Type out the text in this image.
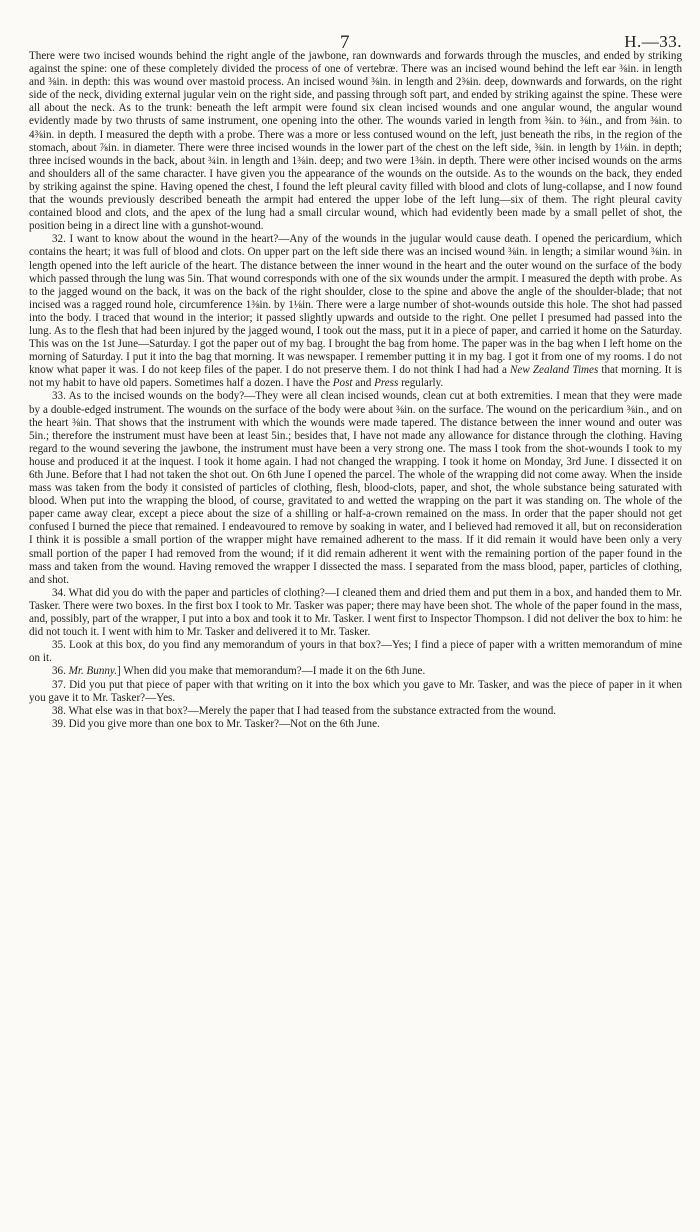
7	H.—33.

There were two incised wounds behind the right angle of the jawbone, ran downwards and forwards through the muscles, and ended by striking against the spine: one of these completely divided the process of one of vertebræ. There was an incised wound behind the left ear ⅜in. in length and ⅜in. in depth: this was wound over mastoid process. An incised wound ⅜in. in length and 2⅜in. deep, downwards and forwards, on the right side of the neck, dividing external jugular vein on the right side, and passing through soft part, and ended by striking against the spine. These were all about the neck. As to the trunk: beneath the left armpit were found six clean incised wounds and one angular wound, the angular wound evidently made by two thrusts of same instrument, one opening into the other. The wounds varied in length from ⅜in. to ⅜in., and from ⅜in. to 4⅜in. in depth. I measured the depth with a probe. There was a more or less contused wound on the left, just beneath the ribs, in the region of the stomach, about ⅞in. in diameter. There were three incised wounds in the lower part of the chest on the left side, ⅜in. in length by 1⅛in. in depth; three incised wounds in the back, about ¾in. in length and 1⅜in. deep; and two were 1⅜in. in depth. There were other incised wounds on the arms and shoulders all of the same character. I have given you the appearance of the wounds on the outside. As to the wounds on the back, they ended by striking against the spine. Having opened the chest, I found the left pleural cavity filled with blood and clots of lung-collapse, and I now found that the wounds previously described beneath the armpit had entered the upper lobe of the left lung—six of them. The right pleural cavity contained blood and clots, and the apex of the lung had a small circular wound, which had evidently been made by a small pellet of shot, the position being in a direct line with a gunshot-wound.

32. I want to know about the wound in the heart?—Any of the wounds in the jugular would cause death. I opened the pericardium, which contains the heart; it was full of blood and clots. On upper part on the left side there was an incised wound ⅜in. in length; a similar wound ⅜in. in length opened into the left auricle of the heart. The distance between the inner wound in the heart and the outer wound on the surface of the body which passed through the lung was 5in. That wound corresponds with one of the six wounds under the armpit. I measured the depth with probe. As to the jagged wound on the back, it was on the back of the right shoulder, close to the spine and above the angle of the shoulder-blade; that not incised was a ragged round hole, circumference 1⅜in. by 1⅛in. There were a large number of shot-wounds outside this hole. The shot had passed into the body. I traced that wound in the interior; it passed slightly upwards and outside to the right. One pellet I presumed had passed into the lung. As to the flesh that had been injured by the jagged wound, I took out the mass, put it in a piece of paper, and carried it home on the Saturday. This was on the 1st June—Saturday. I got the paper out of my bag. I brought the bag from home. The paper was in the bag when I left home on the morning of Saturday. I put it into the bag that morning. It was newspaper. I remember putting it in my bag. I got it from one of my rooms. I do not know what paper it was. I do not keep files of the paper. I do not preserve them. I do not think I had had a New Zealand Times that morning. It is not my habit to have old papers. Sometimes half a dozen. I have the Post and Press regularly.

33. As to the incised wounds on the body?—They were all clean incised wounds, clean cut at both extremities. I mean that they were made by a double-edged instrument. The wounds on the surface of the body were about ⅜in. on the surface. The wound on the pericardium ⅜in., and on the heart ⅜in. That shows that the instrument with which the wounds were made tapered. The distance between the inner wound and outer was 5in.; therefore the instrument must have been at least 5in.; besides that, I have not made any allowance for distance through the clothing. Having regard to the wound severing the jawbone, the instrument must have been a very strong one. The mass I took from the shot-wounds I took to my house and produced it at the inquest. I took it home again. I had not changed the wrapping. I took it home on Monday, 3rd June. I dissected it on 6th June. Before that I had not taken the shot out. On 6th June I opened the parcel. The whole of the wrapping did not come away. When the inside mass was taken from the body it consisted of particles of clothing, flesh, blood-clots, paper, and shot, the whole substance being saturated with blood. When put into the wrapping the blood, of course, gravitated to and wetted the wrapping on the part it was standing on. The whole of the paper came away clear, except a piece about the size of a shilling or half-a-crown remained on the mass. In order that the paper should not get confused I burned the piece that remained. I endeavoured to remove by soaking in water, and I believed had removed it all, but on reconsideration I think it is possible a small portion of the wrapper might have remained adherent to the mass. If it did remain it would have been only a very small portion of the paper I had removed from the wound; if it did remain adherent it went with the remaining portion of the paper found in the mass and taken from the wound. Having removed the wrapper I dissected the mass. I separated from the mass blood, paper, particles of clothing, and shot.

34. What did you do with the paper and particles of clothing?—I cleaned them and dried them and put them in a box, and handed them to Mr. Tasker. There were two boxes. In the first box I took to Mr. Tasker was paper; there may have been shot. The whole of the paper found in the mass, and, possibly, part of the wrapper, I put into a box and took it to Mr. Tasker. I went first to Inspector Thompson. I did not deliver the box to him: he did not touch it. I went with him to Mr. Tasker and delivered it to Mr. Tasker.

35. Look at this box, do you find any memorandum of yours in that box?—Yes; I find a piece of paper with a written memorandum of mine on it.

36. Mr. Bunny.] When did you make that memorandum?—I made it on the 6th June.

37. Did you put that piece of paper with that writing on it into the box which you gave to Mr. Tasker, and was the piece of paper in it when you gave it to Mr. Tasker?—Yes.

38. What else was in that box?—Merely the paper that I had teased from the substance extracted from the wound.

39. Did you give more than one box to Mr. Tasker?—Not on the 6th June.
